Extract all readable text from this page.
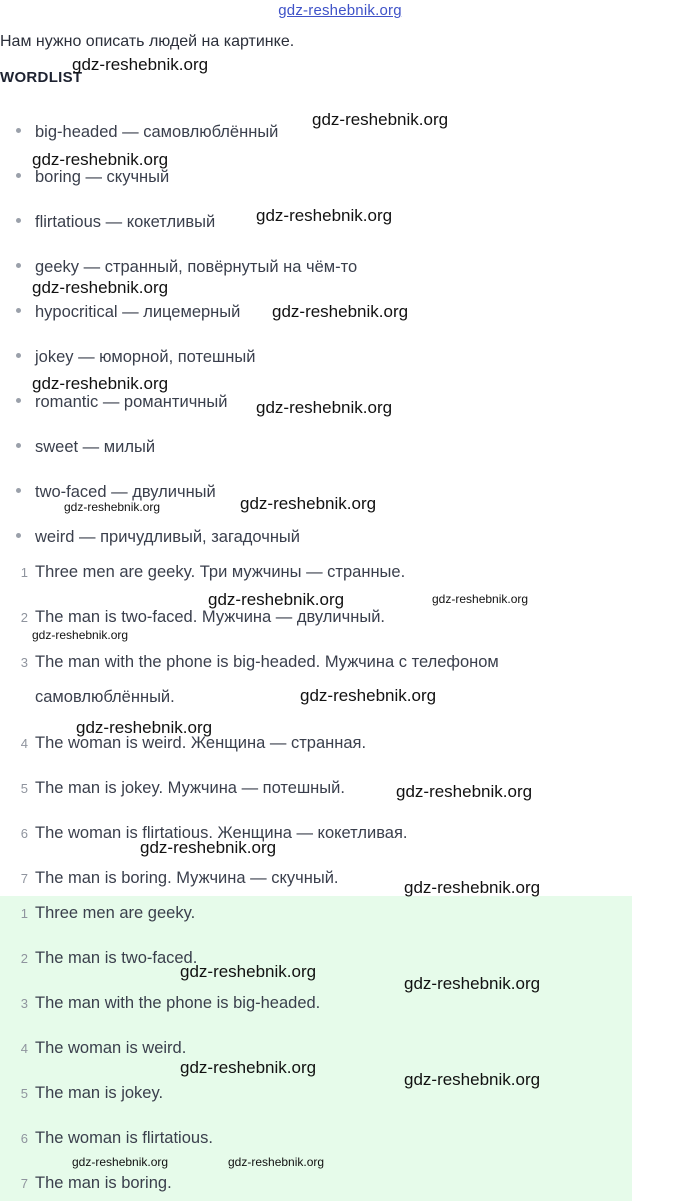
gdz-reshebnik.org
Нам нужно описать людей на картинке.
WORDLIST
big-headed — самовлюблённый
boring — скучный
flirtatious — кокетливый
geeky — странный, повёрнутый на чём-то
hypocritical — лицемерный
jokey — юморной, потешный
romantic — романтичный
sweet — милый
two-faced — двуличный
weird — причудливый, загадочный
1 Three men are geeky. Три мужчины — странные.
2 The man is two-faced. Мужчина — двуличный.
3 The man with the phone is big-headed. Мужчина с телефоном
самовлюблённый.
4 The woman is weird. Женщина — странная.
5 The man is jokey. Мужчина — потешный.
6 The woman is flirtatious. Женщина — кокетливая.
7 The man is boring. Мужчина — скучный.
1 Three men are geeky.
2 The man is two-faced.
3 The man with the phone is big-headed.
4 The woman is weird.
5 The man is jokey.
6 The woman is flirtatious.
7 The man is boring.
gdz-reshebnik.org
gdz-reshebnik.org
gdz-reshebnik.org
gdz-reshebnik.org
gdz-reshebnik.org
gdz-reshebnik.org
gdz-reshebnik.org
gdz-reshebnik.org
gdz-reshebnik.org	gdz-reshebnik.org
gdz-reshebnik.org	gdz-reshebnik.org
gdz-reshebnik.org
gdz-reshebnik.org
gdz-reshebnik.org
gdz-reshebnik.org
gdz-reshebnik.org
gdz-reshebnik.org
gdz-reshebnik.org
gdz-reshebnik.org
gdz-reshebnik.org
gdz-reshebnik.org
gdz-reshebnik.org	gdz-reshebnik.org
